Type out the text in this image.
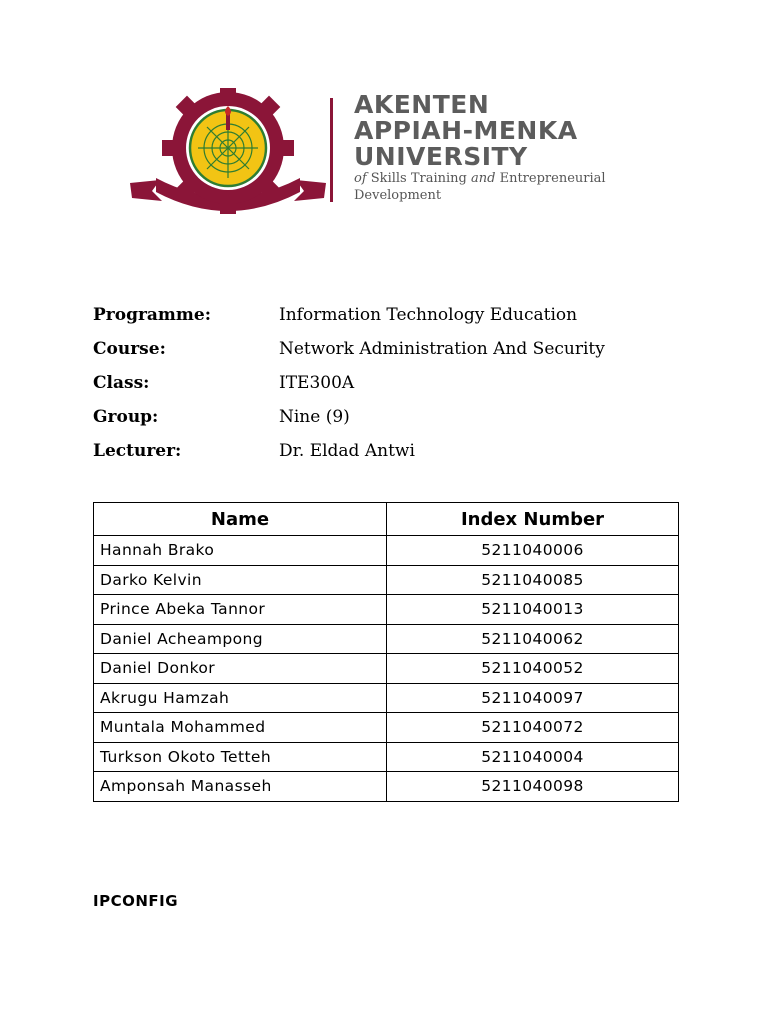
AKENTEN
APPIAH-MENKA
UNIVERSITY
of Skills Training and Entrepreneurial Development
Programme:	Information Technology Education
Course:	Network Administration And Security
Class:	ITE300A
Group:	Nine (9)
Lecturer:	Dr. Eldad Antwi
Name	Index Number
Hannah Brako	5211040006
Darko Kelvin	5211040085
Prince Abeka Tannor	5211040013
Daniel Acheampong	5211040062
Daniel Donkor	5211040052
Akrugu Hamzah	5211040097
Muntala Mohammed	5211040072
Turkson Okoto Tetteh	5211040004
Amponsah Manasseh	5211040098
IPCONFIG
